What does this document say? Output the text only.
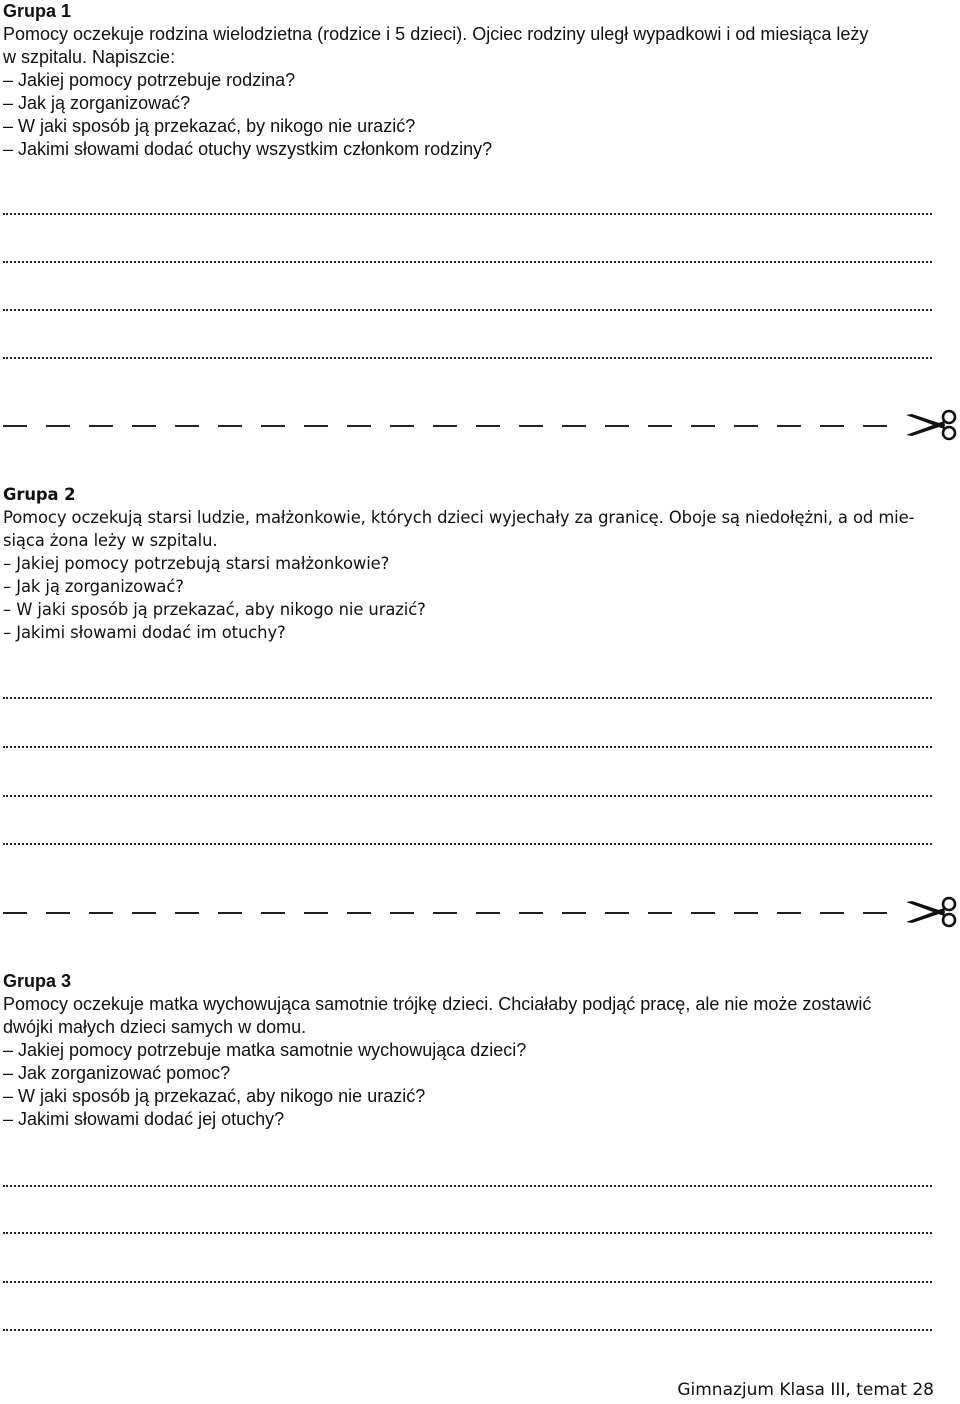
Grupa 1

Pomocy oczekuje rodzina wielodzietna (rodzice i 5 dzieci). Ojciec rodziny uległ wypadkowi i od miesiąca leży

w szpitalu. Napiszcie:

– Jakiej pomocy potrzebuje rodzina?

– Jak ją zorganizować?

– W jaki sposób ją przekazać, by nikogo nie urazić?

– Jakimi słowami dodać otuchy wszystkim członkom rodziny?

Grupa 2

Pomocy oczekują starsi ludzie, małżonkowie, których dzieci wyjechały za granicę. Oboje są niedołężni, a od mie-

siąca żona leży w szpitalu.

– Jakiej pomocy potrzebują starsi małżonkowie?

– Jak ją zorganizować?

– W jaki sposób ją przekazać, aby nikogo nie urazić?

– Jakimi słowami dodać im otuchy?

Grupa 3

Pomocy oczekuje matka wychowująca samotnie trójkę dzieci. Chciałaby podjąć pracę, ale nie może zostawić

dwójki małych dzieci samych w domu.

– Jakiej pomocy potrzebuje matka samotnie wychowująca dzieci?

– Jak zorganizować pomoc?

– W jaki sposób ją przekazać, aby nikogo nie urazić?

– Jakimi słowami dodać jej otuchy?

Gimnazjum Klasa III, temat 28
